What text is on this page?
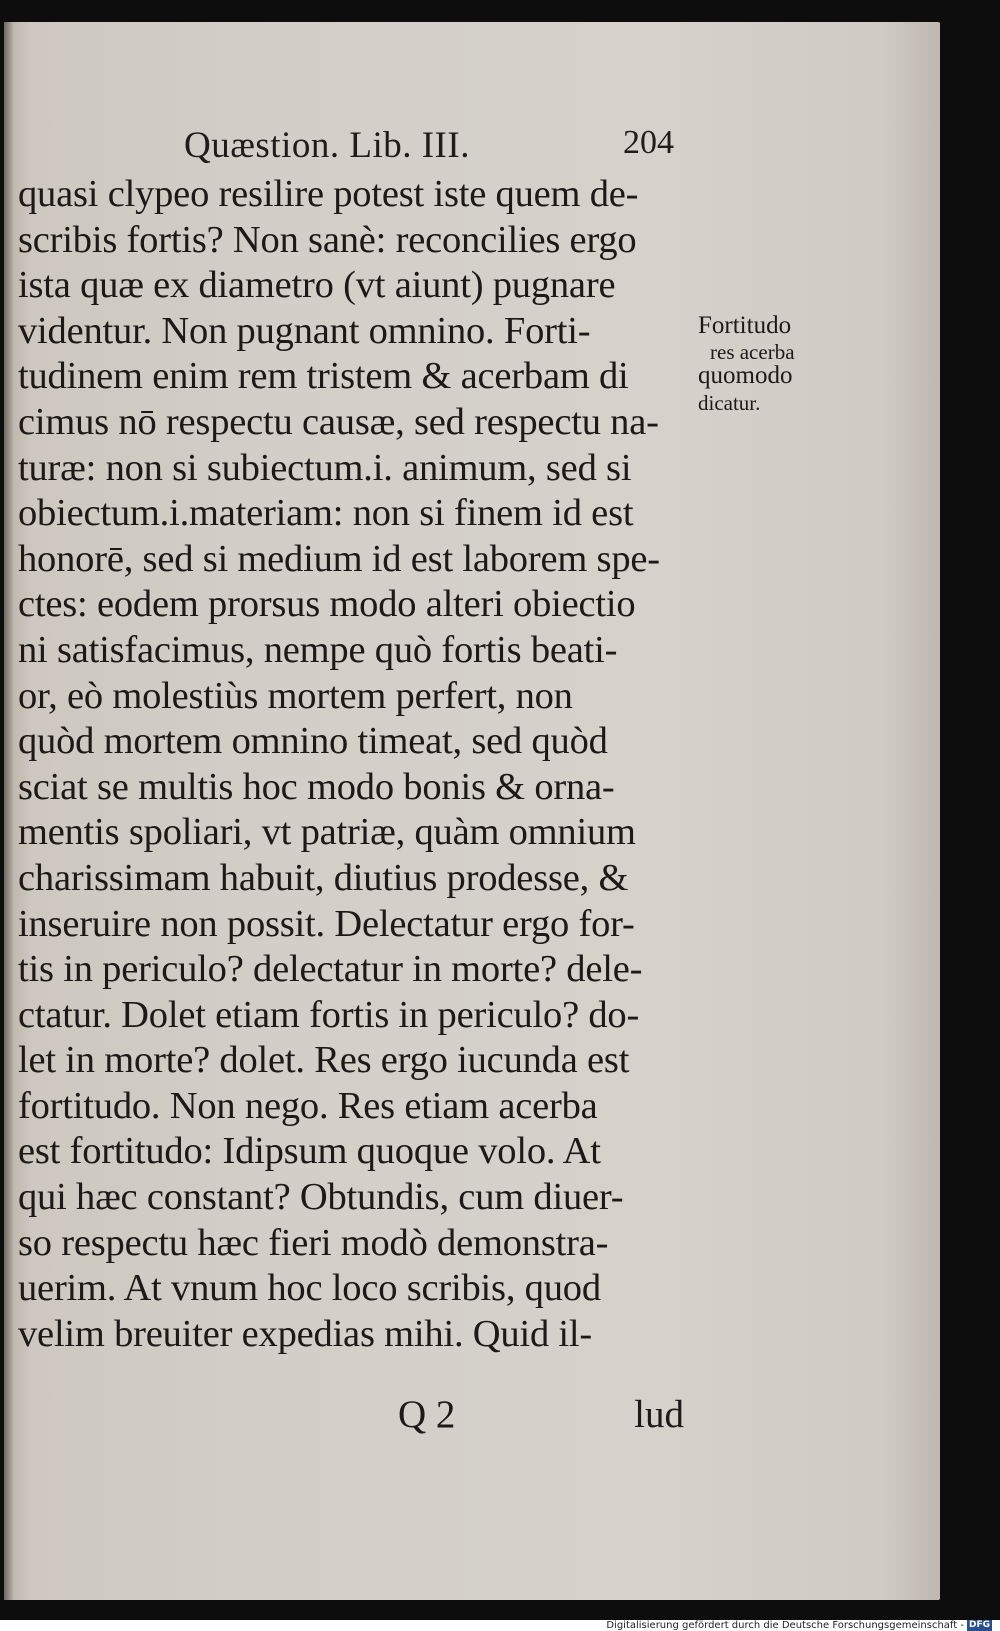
Quæstion. Lib. III.	204
quasi clypeo resilire potest iste quem de-
scribis fortis? Non sanè: reconcilies ergo
ista quæ ex diametro (vt aiunt) pugnare
videntur. Non pugnant omnino. Forti-
tudinem enim rem tristem & acerbam di
cimus nō respectu causæ, sed respectu na-
turæ: non si subiectum.i. animum, sed si
obiectum.i.materiam: non si finem id est
honorē, sed si medium id est laborem spe-
ctes: eodem prorsus modo alteri obiectio
ni satisfacimus, nempe quò fortis beati-
or, eò molestiùs mortem perfert, non
quòd mortem omnino timeat, sed quòd
sciat se multis hoc modo bonis & orna-
mentis spoliari, vt patriæ, quàm omnium
charissimam habuit, diutius prodesse, &
inseruire non possit. Delectatur ergo for-
tis in periculo? delectatur in morte? dele-
ctatur. Dolet etiam fortis in periculo? do-
let in morte? dolet. Res ergo iucunda est
fortitudo. Non nego. Res etiam acerba
est fortitudo: Idipsum quoque volo. At
qui hæc constant? Obtundis, cum diuer-
so respectu hæc fieri modò demonstra-
uerim. At vnum hoc loco scribis, quod
velim breuiter expedias mihi. Quid il-
Fortitudo
res acerba
quomodo
dicatur.
Q 2	lud
Digitalisierung gefördert durch die Deutsche Forschungsgemeinschaft - DFG
